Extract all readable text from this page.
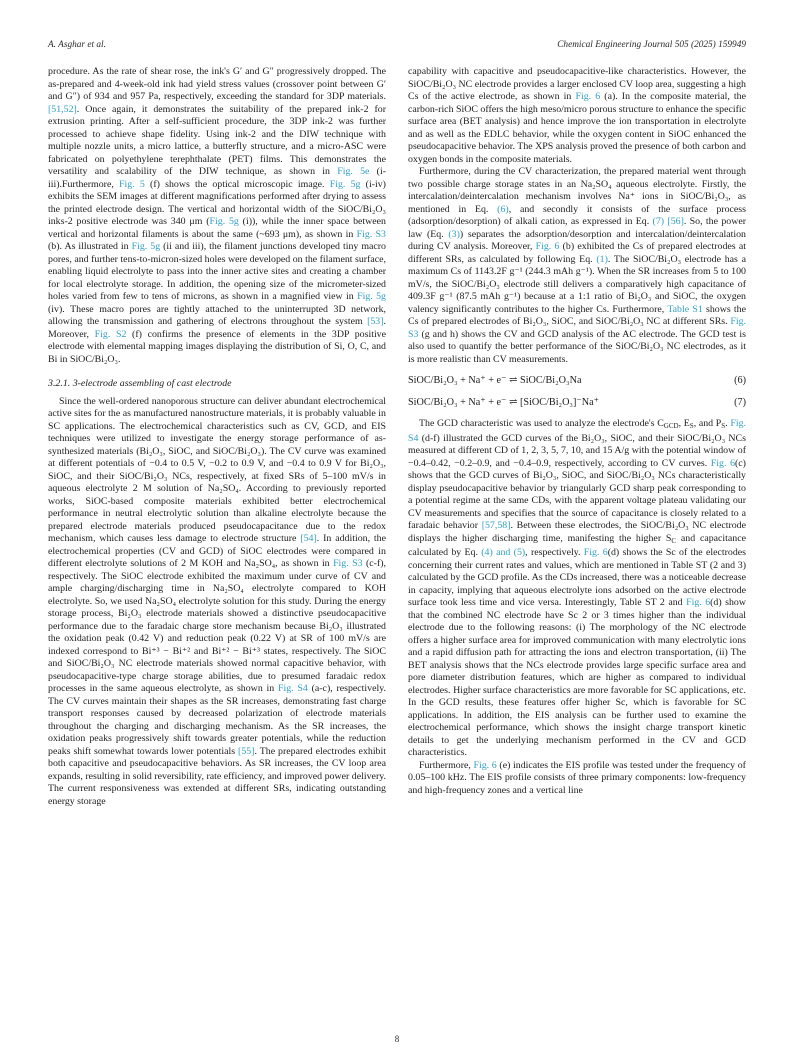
A. Asghar et al.	Chemical Engineering Journal 505 (2025) 159949

procedure. As the rate of shear rose, the ink's G′ and G″ progressively dropped. The as-prepared and 4-week-old ink had yield stress values (crossover point between G′ and G″) of 934 and 957 Pa, respectively, exceeding the standard for 3DP materials.[51,52]. Once again, it demonstrates the suitability of the prepared ink-2 for extrusion printing. After a self-sufficient procedure, the 3DP ink-2 was further processed to achieve shape fidelity. Using ink-2 and the DIW technique with multiple nozzle units, a micro lattice, a butterfly structure, and a micro-ASC were fabricated on polyethylene terephthalate (PET) films. This demonstrates the versatility and scalability of the DIW technique, as shown in Fig. 5e (i-iii).Furthermore, Fig. 5 (f) shows the optical microscopic image. Fig. 5g (i-iv) exhibits the SEM images at different magnifications performed after drying to assess the printed electrode design. The vertical and horizontal width of the SiOC/Bi₂O₃ inks-2 positive electrode was 340 μm (Fig. 5g (i)), while the inner space between vertical and horizontal filaments is about the same (~693 μm), as shown in Fig. S3 (b). As illustrated in Fig. 5g (ii and iii), the filament junctions developed tiny macro pores, and further tens-to-micron-sized holes were developed on the filament surface, enabling liquid electrolyte to pass into the inner active sites and creating a chamber for local electrolyte storage. In addition, the opening size of the micrometer-sized holes varied from few to tens of microns, as shown in a magnified view in Fig. 5g (iv). These macro pores are tightly attached to the uninterrupted 3D network, allowing the transmission and gathering of electrons throughout the system [53]. Moreover, Fig. S2 (f) confirms the presence of elements in the 3DP positive electrode with elemental mapping images displaying the distribution of Si, O, C, and Bi in SiOC/Bi₂O₃.

3.2.1. 3-electrode assembling of cast electrode

Since the well-ordered nanoporous structure can deliver abundant electrochemical active sites for the as manufactured nanostructure materials, it is probably valuable in SC applications. The electrochemical characteristics such as CV, GCD, and EIS techniques were utilized to investigate the energy storage performance of as-synthesized materials (Bi₂O₃, SiOC, and SiOC/Bi₂O₃). The CV curve was examined at different potentials of −0.4 to 0.5 V, −0.2 to 0.9 V, and −0.4 to 0.9 V for Bi₂O₃, SiOC, and their SiOC/Bi₂O₃ NCs, respectively, at fixed SRs of 5–100 mV/s in aqueous electrolyte 2 M solution of Na₂SO₄. According to previously reported works, SiOC-based composite materials exhibited better electrochemical performance in neutral electrolytic solution than alkaline electrolyte because the prepared electrode materials produced pseudocapacitance due to the redox mechanism, which causes less damage to electrode structure [54]. In addition, the electrochemical properties (CV and GCD) of SiOC electrodes were compared in different electrolyte solutions of 2 M KOH and Na₂SO₄, as shown in Fig. S3 (c-f), respectively. The SiOC electrode exhibited the maximum under curve of CV and ample charging/discharging time in Na₂SO₄ electrolyte compared to KOH electrolyte. So, we used Na₂SO₄ electrolyte solution for this study. During the energy storage process, Bi₂O₃ electrode materials showed a distinctive pseudocapacitive performance due to the faradaic charge store mechanism because Bi₂O₃ illustrated the oxidation peak (0.42 V) and reduction peak (0.22 V) at SR of 100 mV/s are indexed correspond to Bi⁺³ − Bi⁺² and Bi⁺² − Bi⁺³ states, respectively. The SiOC and SiOC/Bi₂O₃ NC electrode materials showed normal capacitive behavior, with pseudocapacitive-type charge storage abilities, due to presumed faradaic redox processes in the same aqueous electrolyte, as shown in Fig. S4 (a-c), respectively. The CV curves maintain their shapes as the SR increases, demonstrating fast charge transport responses caused by decreased polarization of electrode materials throughout the charging and discharging mechanism. As the SR increases, the oxidation peaks progressively shift towards greater potentials, while the reduction peaks shift somewhat towards lower potentials [55]. The prepared electrodes exhibit both capacitive and pseudocapacitive behaviors. As SR increases, the CV loop area expands, resulting in solid reversibility, rate efficiency, and improved power delivery. The current responsiveness was extended at different SRs, indicating outstanding energy storage

capability with capacitive and pseudocapacitive-like characteristics. However, the SiOC/Bi₂O₃ NC electrode provides a larger enclosed CV loop area, suggesting a high Cs of the active electrode, as shown in Fig. 6 (a). In the composite material, the carbon-rich SiOC offers the high meso/micro porous structure to enhance the specific surface area (BET analysis) and hence improve the ion transportation in electrolyte and as well as the EDLC behavior, while the oxygen content in SiOC enhanced the pseudocapacitive behavior. The XPS analysis proved the presence of both carbon and oxygen bonds in the composite materials.

Furthermore, during the CV characterization, the prepared material went through two possible charge storage states in an Na₂SO₄ aqueous electrolyte. Firstly, the intercalation/deintercalation mechanism involves Na⁺ ions in SiOC/Bi₂O₃, as mentioned in Eq. (6), and secondly it consists of the surface process (adsorption/desorption) of alkali cation, as expressed in Eq. (7) [56]. So, the power law (Eq. (3)) separates the adsorption/desorption and intercalation/deintercalation during CV analysis. Moreover, Fig. 6 (b) exhibited the Cs of prepared electrodes at different SRs, as calculated by following Eq. (1). The SiOC/Bi₂O₃ electrode has a maximum Cs of 1143.2F g⁻¹ (244.3 mAh g⁻¹). When the SR increases from 5 to 100 mV/s, the SiOC/Bi₂O₃ electrode still delivers a comparatively high capacitance of 409.3F g⁻¹ (87.5 mAh g⁻¹) because at a 1:1 ratio of Bi₂O₃ and SiOC, the oxygen valency significantly contributes to the higher Cs. Furthermore, Table S1 shows the Cs of prepared electrodes of Bi₂O₃, SiOC, and SiOC/Bi₂O₃ NC at different SRs. Fig. S3 (g and h) shows the CV and GCD analysis of the AC electrode. The GCD test is also used to quantify the better performance of the SiOC/Bi₂O₃ NC electrodes, as it is more realistic than CV measurements.

SiOC/Bi₂O₃ + Na⁺ + e⁻ ⇌ SiOC/Bi₂O₃Na	(6)
SiOC/Bi₂O₃ + Na⁺ + e⁻ ⇌ [SiOC/Bi₂O₃]⁻Na⁺	(7)

The GCD characteristic was used to analyze the electrode's $C_{GCD}$, $E_S$, and $P_S$. Fig. S4 (d-f) illustrated the GCD curves of the Bi₂O₃, SiOC, and their SiOC/Bi₂O₃ NCs measured at different CD of 1, 2, 3, 5, 7, 10, and 15 A/g with the potential window of −0.4–0.42, −0.2–0.9, and −0.4–0.9, respectively, according to CV curves. Fig. 6(c) shows that the GCD curves of Bi₂O₃, SiOC, and SiOC/Bi₂O₃ NCs characteristically display pseudocapacitive behavior by triangularly GCD sharp peak corresponding to a potential regime at the same CDs, with the apparent voltage plateau validating our CV measurements and specifies that the source of capacitance is closely related to a faradaic behavior [57,58]. Between these electrodes, the SiOC/Bi₂O₃ NC electrode displays the higher discharging time, manifesting the higher $S_C$ and capacitance calculated by Eq. (4) and (5), respectively. Fig. 6(d) shows the Sc of the electrodes concerning their current rates and values, which are mentioned in Table ST (2 and 3) calculated by the GCD profile. As the CDs increased, there was a noticeable decrease in capacity, implying that aqueous electrolyte ions adsorbed on the active electrode surface took less time and vice versa. Interestingly, Table ST 2 and Fig. 6(d) show that the combined NC electrode have Sc 2 or 3 times higher than the individual electrode due to the following reasons: (i) The morphology of the NC electrode offers a higher surface area for improved communication with many electrolytic ions and a rapid diffusion path for attracting the ions and electron transportation, (ii) The BET analysis shows that the NCs electrode provides large specific surface area and pore diameter distribution features, which are higher as compared to individual electrodes. Higher surface characteristics are more favorable for SC applications, etc. In the GCD results, these features offer higher Sc, which is favorable for SC applications. In addition, the EIS analysis can be further used to examine the electrochemical performance, which shows the insight charge transport kinetic details to get the underlying mechanism performed in the CV and GCD characteristics.

Furthermore, Fig. 6 (e) indicates the EIS profile was tested under the frequency of 0.05–100 kHz. The EIS profile consists of three primary components: low-frequency and high-frequency zones and a vertical line

8
